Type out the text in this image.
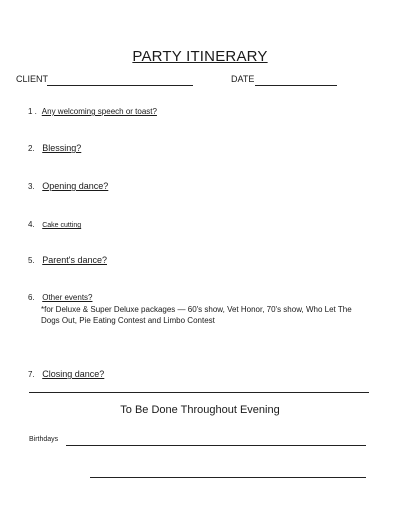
PARTY ITINERARY
CLIENT	DATE
1 . Any welcoming speech or toast?
2. Blessing?
3. Opening dance?
4. Cake cutting
5. Parent's dance?
6. Other events?
*for Deluxe & Super Deluxe packages — 60's show, Vet Honor, 70's show, Who Let The Dogs Out, Pie Eating Contest and Limbo Contest
7. Closing dance?
To Be Done Throughout Evening
Birthdays
